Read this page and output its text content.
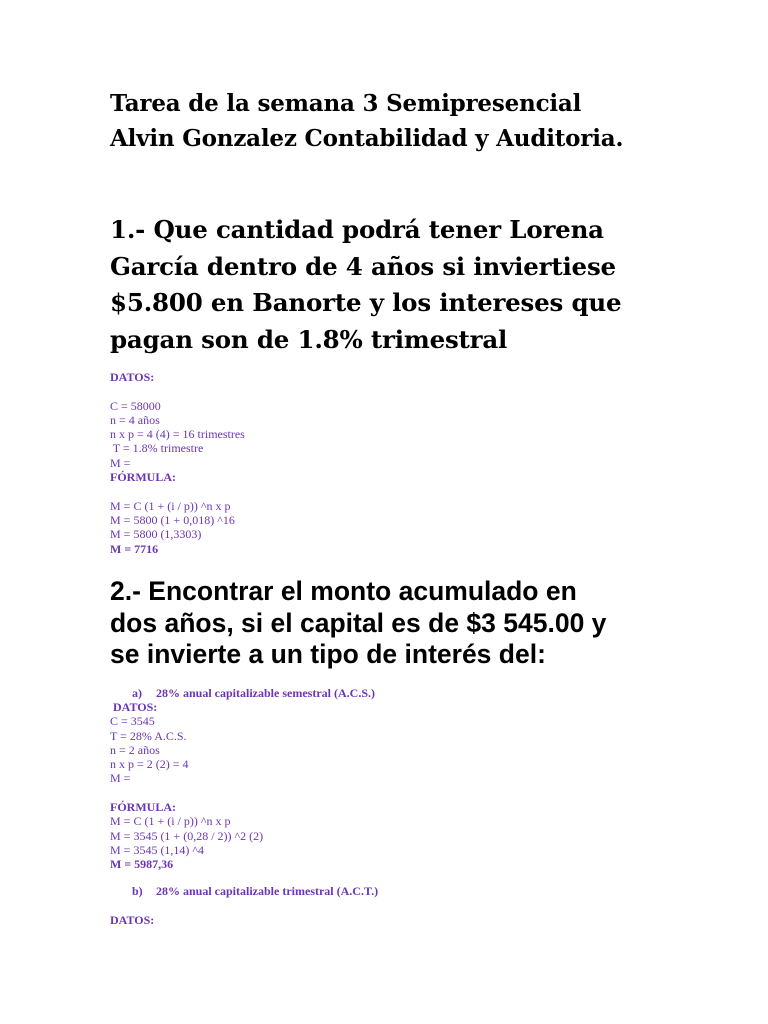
Tarea de la semana 3 Semipresencial
Alvin Gonzalez Contabilidad y Auditoria.
1.- Que cantidad podrá tener Lorena
García dentro de 4 años si inviertiese
$5.800 en Banorte y los intereses que
pagan son de 1.8% trimestral
DATOS:
C = 58000
n = 4 años
n x p = 4 (4) = 16 trimestres
T = 1.8% trimestre
M =
FÓRMULA:
M = C (1 + (i / p)) ^n x p
M = 5800 (1 + 0,018) ^16
M = 5800 (1,3303)
M = 7716
2.- Encontrar el monto acumulado en
dos años, si el capital es de $3 545.00 y
se invierte a un tipo de interés del:
a) 28% anual capitalizable semestral (A.C.S.)
DATOS:
C = 3545
T = 28% A.C.S.
n = 2 años
n x p = 2 (2) = 4
M =
FÓRMULA:
M = C (1 + (i / p)) ^n x p
M = 3545 (1 + (0,28 / 2)) ^2 (2)
M = 3545 (1,14) ^4
M = 5987,36
b) 28% anual capitalizable trimestral (A.C.T.)
DATOS:
